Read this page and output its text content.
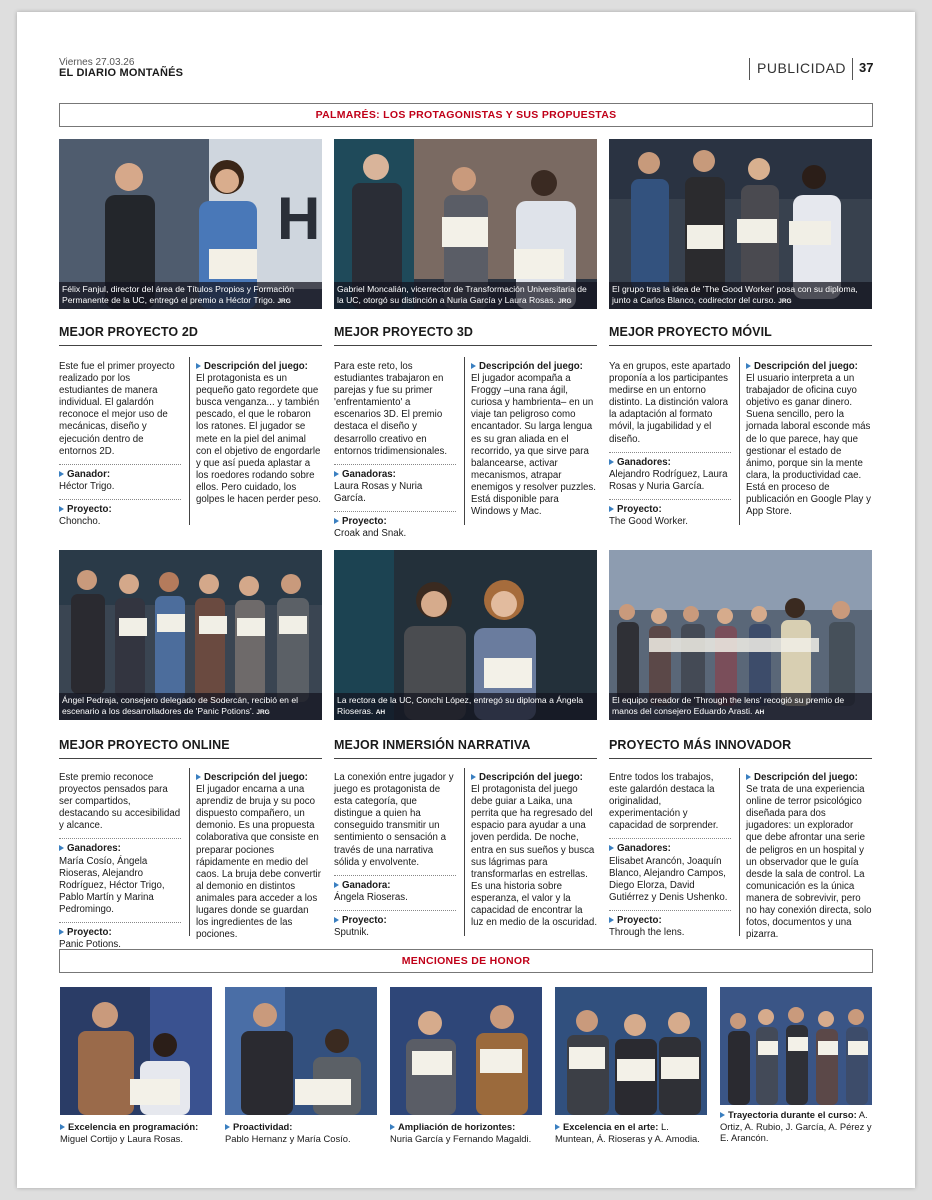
Viernes 27.03.26
EL DIARIO MONTAÑÉS	PUBLICIDAD 37
PALMARÉS: LOS PROTAGONISTAS Y SUS PROPUESTAS
H
Félix Fanjul, director del área de Títulos Propios y Formación Permanente de la UC, entregó el premio a Héctor Trigo. JRG
Gabriel Moncalián, vicerrector de Transformación Universitaria de la UC, otorgó su distinción a Nuria García y Laura Rosas. JRG
El grupo tras la idea de 'The Good Worker' posa con su diploma, junto a Carlos Blanco, codirector del curso. JRG
MEJOR PROYECTO 2D	MEJOR PROYECTO 3D	MEJOR PROYECTO MÓVIL
Este fue el primer proyecto realizado por los estudiantes de manera individual. El galardón reconoce el mejor uso de mecánicas, diseño y ejecución dentro de entornos 2D.
Ganador:
Héctor Trigo.
Proyecto:
Choncho.
Descripción del juego:
El protagonista es un pequeño gato regordete que busca venganza... y también pescado, el que le robaron los ratones. El jugador se mete en la piel del animal con el objetivo de engordarle y que así pueda aplastar a los roedores rodando sobre ellos. Pero cuidado, los golpes le hacen perder peso.
Para este reto, los estudiantes trabajaron en parejas y fue su primer 'enfrentamiento' a escenarios 3D. El premio destaca el diseño y desarrollo creativo en entornos tridimensionales.
Ganadoras:
Laura Rosas y Nuria García.
Proyecto:
Croak and Snak.
Descripción del juego:
El jugador acompaña a Froggy –una rana ágil, curiosa y hambrienta– en un viaje tan peligroso como encantador. Su larga lengua es su gran aliada en el recorrido, ya que sirve para balancearse, activar mecanismos, atrapar enemigos y resolver puzzles. Está disponible para Windows y Mac.
Ya en grupos, este apartado proponía a los participantes medirse en un entorno distinto. La distinción valora la adaptación al formato móvil, la jugabilidad y el diseño.
Ganadores:
Alejandro Rodríguez, Laura Rosas y Nuria García.
Proyecto:
The Good Worker.
Descripción del juego:
El usuario interpreta a un trabajador de oficina cuyo objetivo es ganar dinero. Suena sencillo, pero la jornada laboral esconde más de lo que parece, hay que gestionar el estado de ánimo, porque sin la mente clara, la productividad cae. Está en proceso de publicación en Google Play y App Store.
Ángel Pedraja, consejero delegado de Sodercán, recibió en el escenario a los desarrolladores de 'Panic Potions'. JRG
La rectora de la UC, Conchi López, entregó su diploma a Ángela Rioseras. AH
El equipo creador de 'Through the lens' recogió su premio de manos del consejero Eduardo Arasti. AH
MEJOR PROYECTO ONLINE	MEJOR INMERSIÓN NARRATIVA	PROYECTO MÁS INNOVADOR
Este premio reconoce proyectos pensados para ser compartidos, destacando su accesibilidad y alcance.
Ganadores:
María Cosío, Ángela Rioseras, Alejandro Rodríguez, Héctor Trigo, Pablo Martín y Marina Pedromingo.
Proyecto:
Panic Potions.
Descripción del juego:
El jugador encarna a una aprendiz de bruja y su poco dispuesto compañero, un demonio. Es una propuesta colaborativa que consiste en preparar pociones rápidamente en medio del caos. La bruja debe convertir al demonio en distintos animales para acceder a los lugares donde se guardan los ingredientes de las pociones.
La conexión entre jugador y juego es protagonista de esta categoría, que distingue a quien ha conseguido transmitir un sentimiento o sensación a través de una narrativa sólida y envolvente.
Ganadora:
Ángela Rioseras.
Proyecto:
Sputnik.
Descripción del juego:
El protagonista del juego debe guiar a Laika, una perrita que ha regresado del espacio para ayudar a una joven perdida. De noche, entra en sus sueños y busca sus lágrimas para transformarlas en estrellas. Es una historia sobre esperanza, el valor y la capacidad de encontrar la luz en medio de la oscuridad.
Entre todos los trabajos, este galardón destaca la originalidad, experimentación y capacidad de sorprender.
Ganadores:
Elisabet Arancón, Joaquín Blanco, Alejandro Campos, Diego Elorza, David Gutiérrez y Denis Ushenko.
Proyecto:
Through the lens.
Descripción del juego:
Se trata de una experiencia online de terror psicológico diseñada para dos jugadores: un explorador que debe afrontar una serie de peligros en un hospital y un observador que le guía desde la sala de control. La comunicación es la única manera de sobrevivir, pero no hay conexión directa, solo fotos, documentos y una pizarra.
MENCIONES DE HONOR
Excelencia en programación:
Miguel Cortijo y Laura Rosas.
Proactividad:
Pablo Hernanz y María Cosío.
Ampliación de horizontes:
Nuria García y Fernando Magaldi.
Excelencia en el arte: L. Muntean, Á. Rioseras y A. Amodia.
Trayectoria durante el curso: A. Ortiz, A. Rubio, J. García, A. Pérez y E. Arancón.
